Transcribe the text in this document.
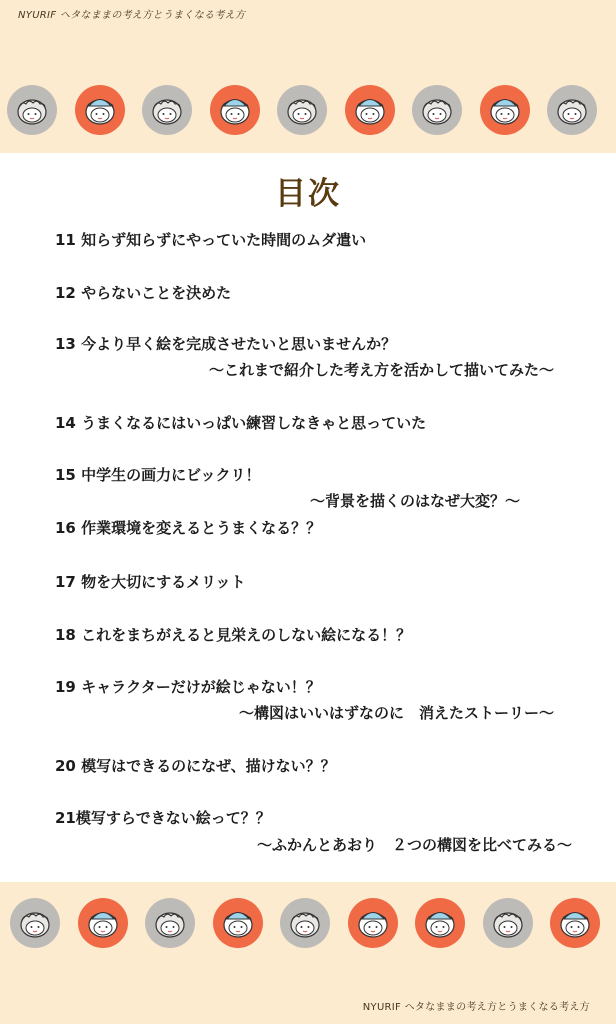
NYURIF ヘタなままの考え方とうまくなる考え方
目次
11 知らず知らずにやっていた時間のムダ遣い
12 やらないことを決めた
13 今より早く絵を完成させたいと思いませんか？
～これまで紹介した考え方を活かして描いてみた～
14 うまくなるにはいっぱい練習しなきゃと思っていた
15 中学生の画力にビックリ！
～背景を描くのはなぜ大変？～
16 作業環境を変えるとうまくなる？？
17 物を大切にするメリット
18 これをまちがえると見栄えのしない絵になる！？
19 キャラクターだけが絵じゃない！？
～構図はいいはずなのに　消えたストーリー～
20 模写はできるのになぜ、描けない？？
21模写すらできない絵って？？
～ふかんとあおり　２つの構図を比べてみる～
NYURIF ヘタなままの考え方とうまくなる考え方
